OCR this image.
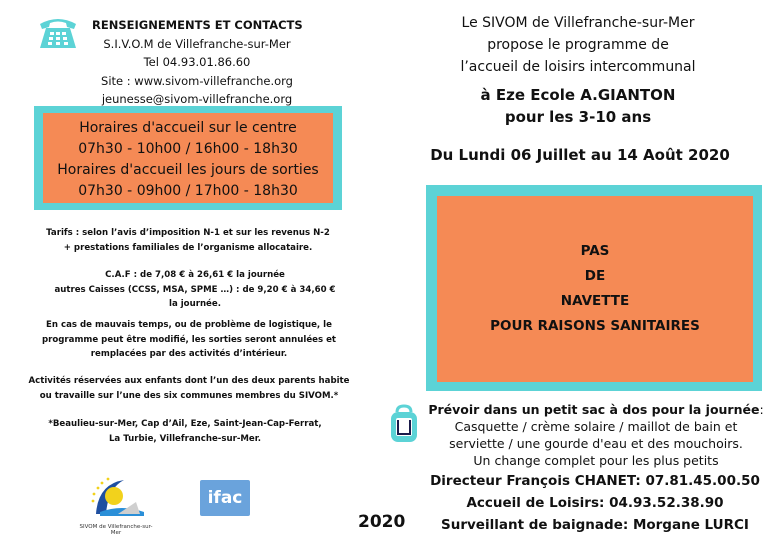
RENSEIGNEMENTS ET CONTACTS
S.I.V.O.M de Villefranche-sur-Mer
Tel 04.93.01.86.60
Site : www.sivom-villefranche.org
jeunesse@sivom-villefranche.org
Horaires d'accueil sur le centre
07h30 - 10h00 / 16h00 - 18h30
Horaires d'accueil les jours de sorties
07h30 - 09h00 / 17h00 - 18h30
Tarifs : selon l’avis d’imposition N-1 et sur les revenus N-2
+ prestations familiales de l’organisme allocataire.
C.A.F : de 7,08 € à 26,61 € la journée
autres Caisses (CCSS, MSA, SPME …) : de 9,20 € à 34,60 €
la journée.
En cas de mauvais temps, ou de problème de logistique, le
programme peut être modifié, les sorties seront annulées et
remplacées par des activités d’intérieur.
Activités réservées aux enfants dont l’un des deux parents habite
ou travaille sur l’une des six communes membres du SIVOM.*
*Beaulieu-sur-Mer, Cap d’Ail, Eze, Saint-Jean-Cap-Ferrat,
La Turbie, Villefranche-sur-Mer.
SIVOM de Villefranche-sur-Mer
ifac
2020
Le SIVOM de Villefranche-sur-Mer
propose le programme de
l’accueil de loisirs intercommunal
à Eze Ecole A.GIANTON
pour les 3-10 ans
Du Lundi 06 Juillet au 14 Août 2020
PAS
DE
NAVETTE
POUR RAISONS SANITAIRES
Prévoir dans un petit sac à dos pour la journée:
Casquette / crème solaire / maillot de bain et
serviette / une gourde d'eau et des mouchoirs.
Un change complet pour les plus petits
Directeur François CHANET: 07.81.45.00.50
Accueil de Loisirs: 04.93.52.38.90
Surveillant de baignade: Morgane LURCI
